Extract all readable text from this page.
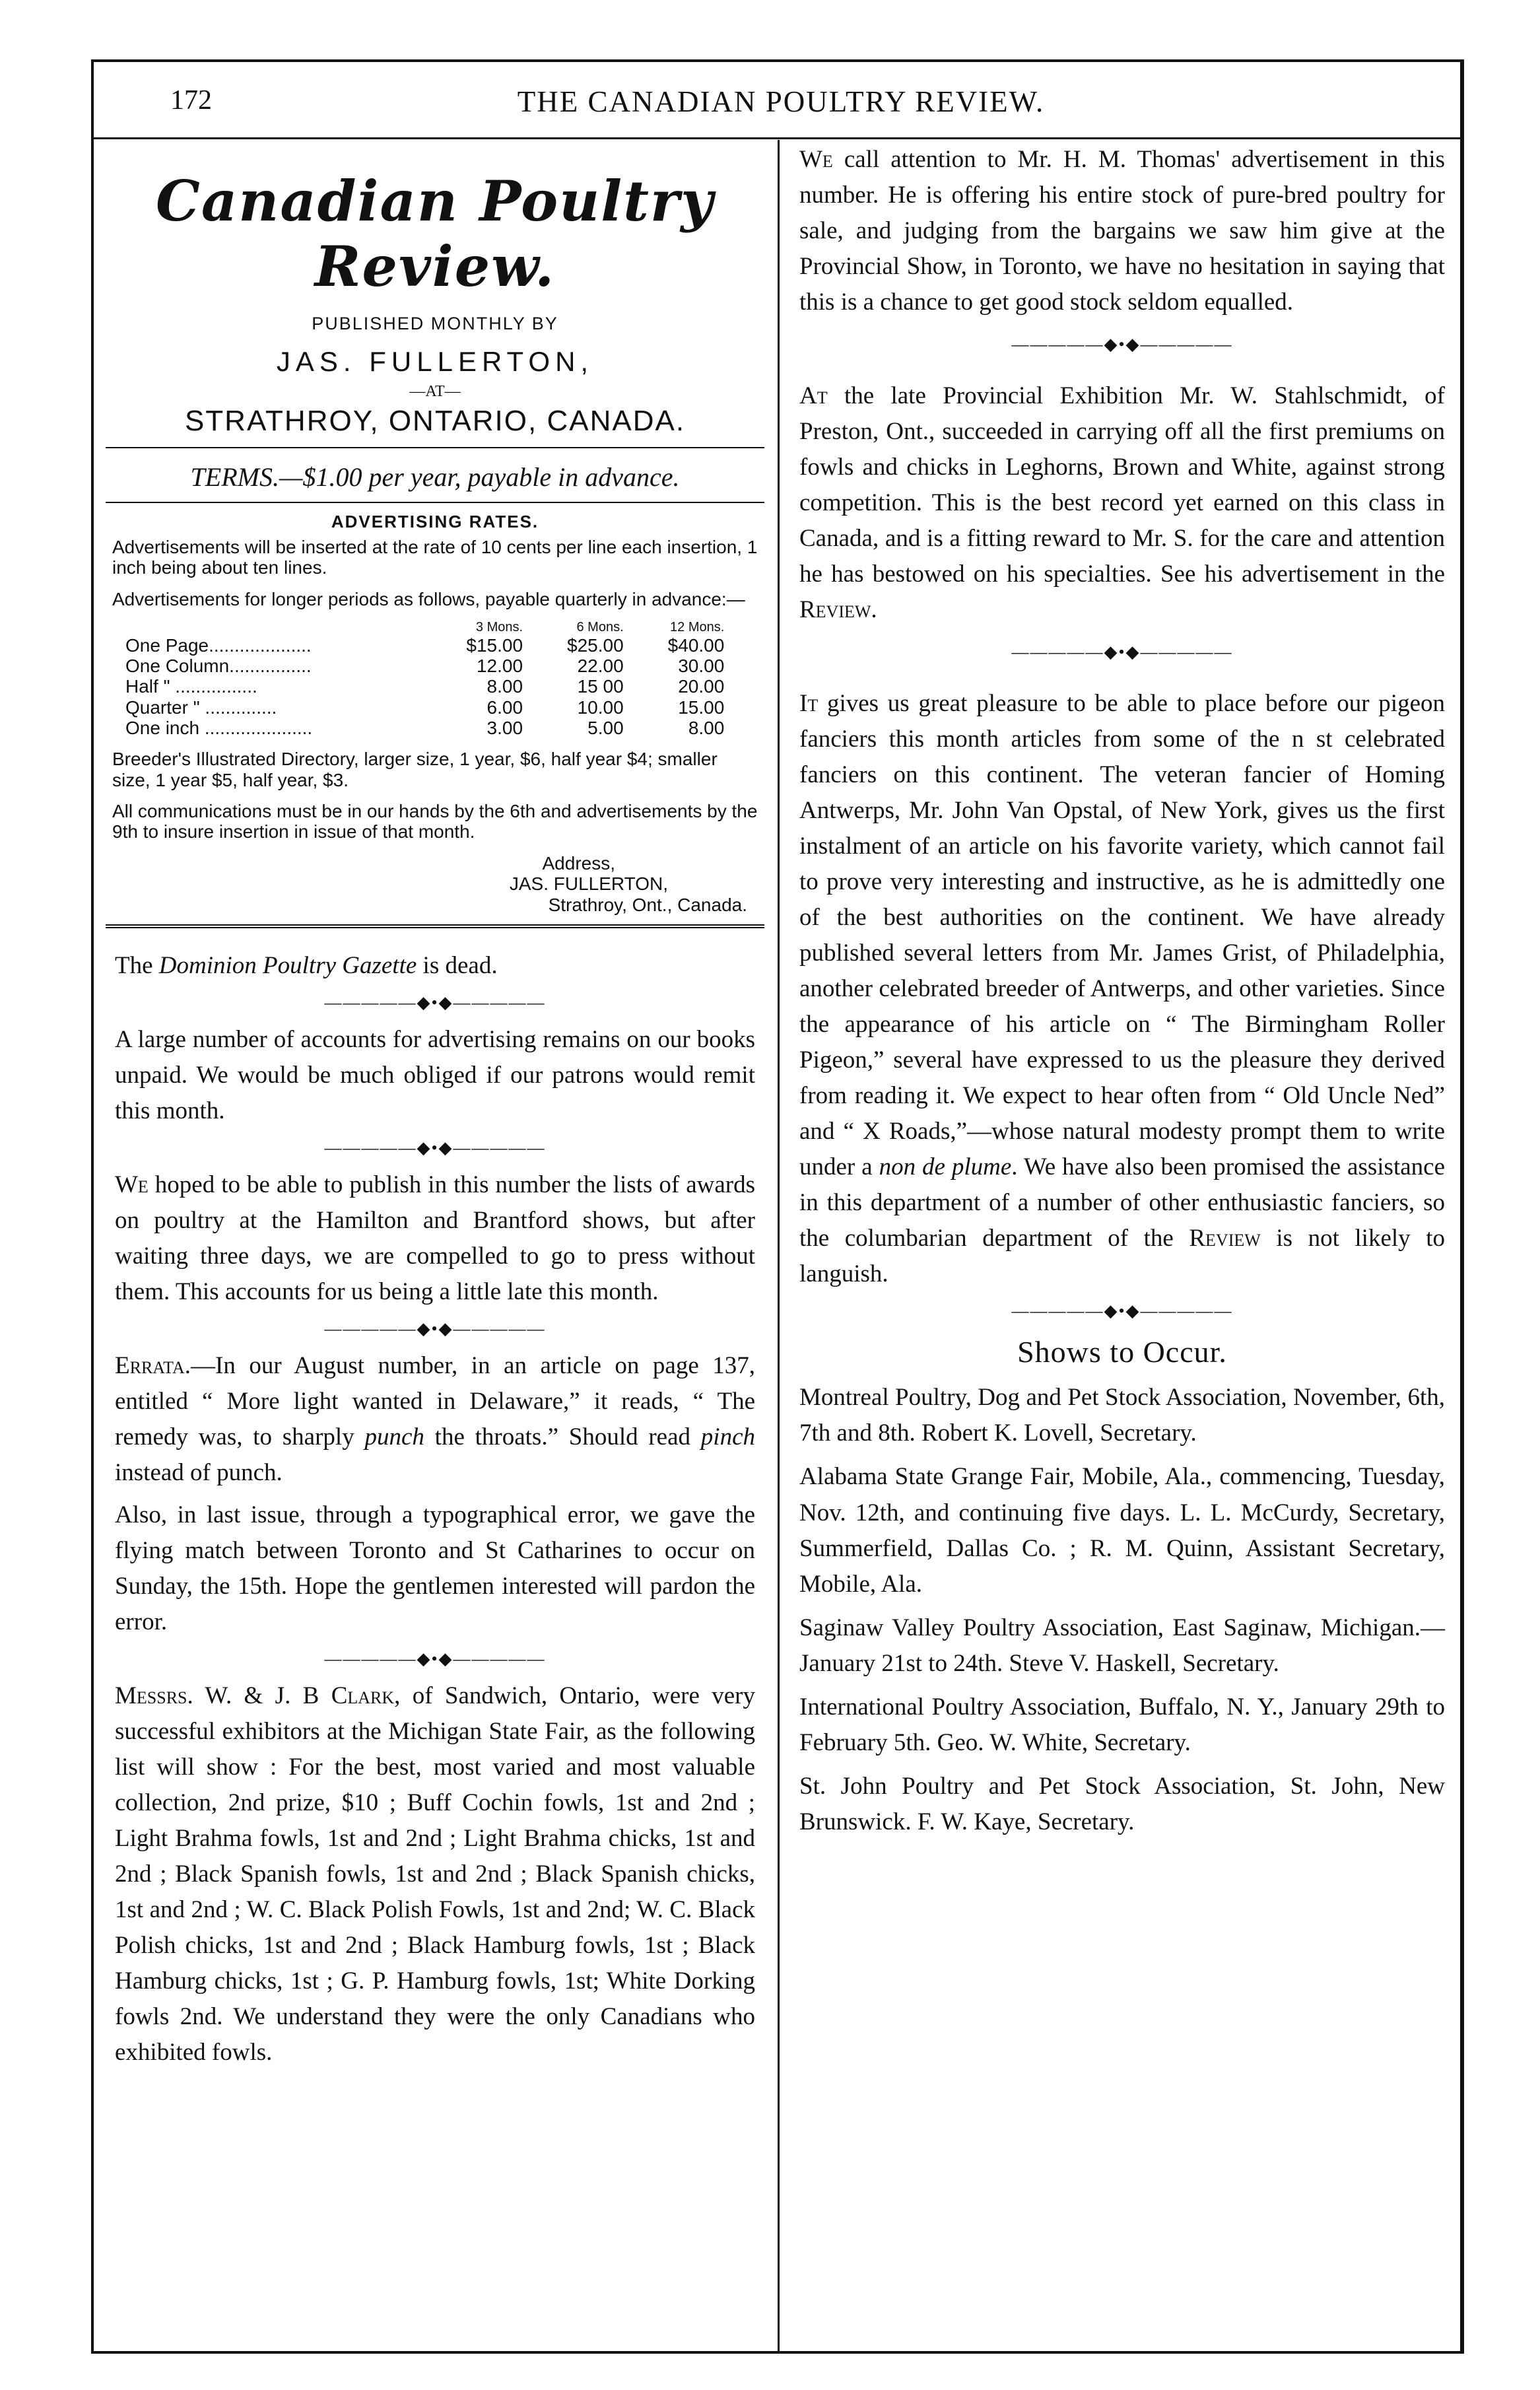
172	THE CANADIAN POULTRY REVIEW.
Canadian Poultry Review.
PUBLISHED MONTHLY BY
JAS. FULLERTON,
—AT—
STRATHROY, ONTARIO, CANADA.
TERMS.—$1.00 per year, payable in advance.
ADVERTISING RATES.
Advertisements will be inserted at the rate of 10 cents per line each insertion, 1 inch being about ten lines.
Advertisements for longer periods as follows, payable quarterly in advance:—
	3 Mons.	6 Mons.	12 Mons.
One Page....................	$15.00	$25.00	$40.00
One Column................	12.00	22.00	30.00
Half " ................	8.00	15 00	20.00
Quarter " ..............	6.00	10.00	15.00
One inch .....................	3.00	5.00	8.00
Breeder's Illustrated Directory, larger size, 1 year, $6, half year $4; smaller size, 1 year $5, half year, $3.
All communications must be in our hands by the 6th and advertisements by the 9th to insure insertion in issue of that month.
Address,
JAS. FULLERTON,
Strathroy, Ont., Canada.

The Dominion Poultry Gazette is dead.

—————◆•◆—————

A large number of accounts for advertising remains on our books unpaid. We would be much obliged if our patrons would remit this month.

—————◆•◆—————

We hoped to be able to publish in this number the lists of awards on poultry at the Hamilton and Brantford shows, but after waiting three days, we are compelled to go to press without them. This accounts for us being a little late this month.

—————◆•◆—————

Errata.—In our August number, in an article on page 137, entitled “ More light wanted in Delaware,” it reads, “ The remedy was, to sharply punch the throats.” Should read pinch instead of punch.

Also, in last issue, through a typographical error, we gave the flying match between Toronto and St Catharines to occur on Sunday, the 15th. Hope the gentlemen interested will pardon the error.

—————◆•◆—————

Messrs. W. & J. B Clark, of Sandwich, Ontario, were very successful exhibitors at the Michigan State Fair, as the following list will show : For the best, most varied and most valuable collection, 2nd prize, $10 ; Buff Cochin fowls, 1st and 2nd ; Light Brahma fowls, 1st and 2nd ; Light Brahma chicks, 1st and 2nd ; Black Spanish fowls, 1st and 2nd ; Black Spanish chicks, 1st and 2nd ; W. C. Black Polish Fowls, 1st and 2nd; W. C. Black Polish chicks, 1st and 2nd ; Black Hamburg fowls, 1st ; Black Hamburg chicks, 1st ; G. P. Hamburg fowls, 1st; White Dorking fowls 2nd. We understand they were the only Canadians who exhibited fowls.

We call attention to Mr. H. M. Thomas' advertisement in this number. He is offering his entire stock of pure-bred poultry for sale, and judging from the bargains we saw him give at the Provincial Show, in Toronto, we have no hesitation in saying that this is a chance to get good stock seldom equalled.

—————◆•◆—————

At the late Provincial Exhibition Mr. W. Stahlschmidt, of Preston, Ont., succeeded in carrying off all the first premiums on fowls and chicks in Leghorns, Brown and White, against strong competition. This is the best record yet earned on this class in Canada, and is a fitting reward to Mr. S. for the care and attention he has bestowed on his specialties. See his advertisement in the Review.

—————◆•◆—————

It gives us great pleasure to be able to place before our pigeon fanciers this month articles from some of the n st celebrated fanciers on this continent. The veteran fancier of Homing Antwerps, Mr. John Van Opstal, of New York, gives us the first instalment of an article on his favorite variety, which cannot fail to prove very interesting and instructive, as he is admittedly one of the best authorities on the continent. We have already published several letters from Mr. James Grist, of Philadelphia, another celebrated breeder of Antwerps, and other varieties. Since the appearance of his article on “ The Birmingham Roller Pigeon,” several have expressed to us the pleasure they derived from reading it. We expect to hear often from “ Old Uncle Ned” and “ X Roads,”—whose natural modesty prompt them to write under a non de plume. We have also been promised the assistance in this department of a number of other enthusiastic fanciers, so the columbarian department of the Review is not likely to languish.

—————◆•◆—————
Shows to Occur.

Montreal Poultry, Dog and Pet Stock Association, November, 6th, 7th and 8th. Robert K. Lovell, Secretary.

Alabama State Grange Fair, Mobile, Ala., commencing, Tuesday, Nov. 12th, and continuing five days. L. L. McCurdy, Secretary, Summerfield, Dallas Co. ; R. M. Quinn, Assistant Secretary, Mobile, Ala.

Saginaw Valley Poultry Association, East Saginaw, Michigan.—January 21st to 24th. Steve V. Haskell, Secretary.

International Poultry Association, Buffalo, N. Y., January 29th to February 5th. Geo. W. White, Secretary.

St. John Poultry and Pet Stock Association, St. John, New Brunswick. F. W. Kaye, Secretary.
